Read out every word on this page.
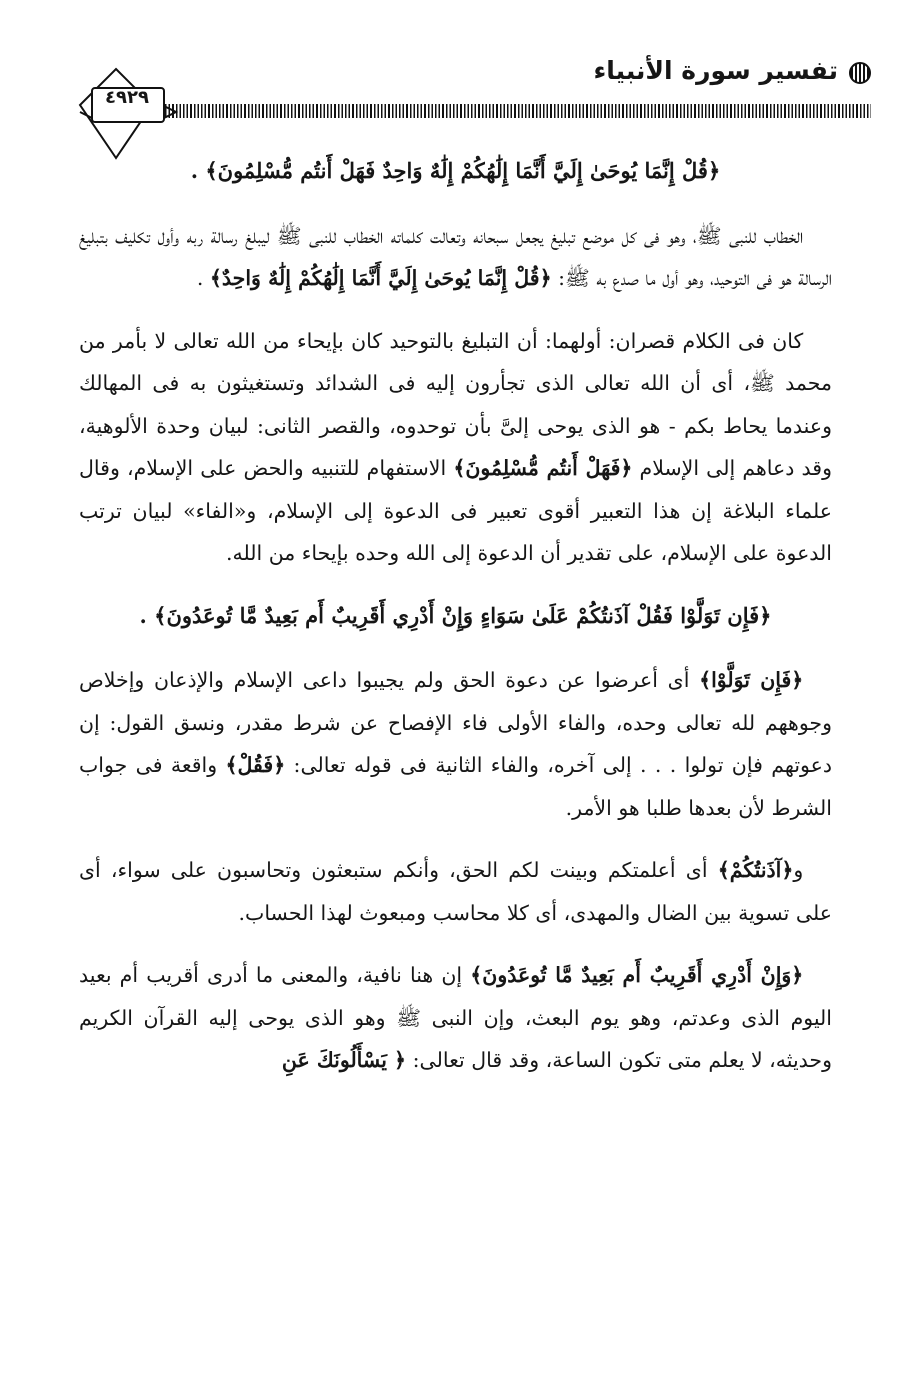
تفسير سورة الأنبياء
٤٩٢٩

﴿قُلْ إِنَّمَا يُوحَىٰ إِلَيَّ أَنَّمَا إِلَٰهُكُمْ إِلَٰهٌ وَاحِدٌ فَهَلْ أَنتُم مُّسْلِمُونَ﴾ .

الخطاب للنبى ﷺ، وهو فى كل موضع تبليغ يجعل سبحانه وتعالت كلماته الخطاب للنبى ﷺ ليبلغ رسالة ربه وأول تكليف بتبليغ الرسالة هو فى التوحيد، وهو أول ما صدع به ﷺ: ﴿قُلْ إِنَّمَا يُوحَىٰ إِلَيَّ أَنَّمَا إِلَٰهُكُمْ إِلَٰهٌ وَاحِدٌ﴾ .

كان فى الكلام قصران: أولهما: أن التبليغ بالتوحيد كان بإيحاء من الله تعالى لا بأمر من محمد ﷺ، أى أن الله تعالى الذى تجأرون إليه فى الشدائد وتستغيثون به فى المهالك وعندما يحاط بكم - هو الذى يوحى إلىَّ بأن توحدوه، والقصر الثانى: لبيان وحدة الألوهية، وقد دعاهم إلى الإسلام ﴿فَهَلْ أَنتُم مُّسْلِمُونَ﴾ الاستفهام للتنبيه والحض على الإسلام، وقال علماء البلاغة إن هذا التعبير أقوى تعبير فى الدعوة إلى الإسلام، و«الفاء» لبيان ترتب الدعوة على الإسلام، على تقدير أن الدعوة إلى الله وحده بإيحاء من الله.

﴿فَإِن تَوَلَّوْا فَقُلْ آذَنتُكُمْ عَلَىٰ سَوَاءٍ وَإِنْ أَدْرِي أَقَرِيبٌ أَم بَعِيدٌ مَّا تُوعَدُونَ﴾ .

﴿فَإِن تَوَلَّوْا﴾ أى أعرضوا عن دعوة الحق ولم يجيبوا داعى الإسلام والإذعان وإخلاص وجوههم لله تعالى وحده، والفاء الأولى فاء الإفصاح عن شرط مقدر، ونسق القول: إن دعوتهم فإن تولوا . . . إلى آخره، والفاء الثانية فى قوله تعالى: ﴿فَقُلْ﴾ واقعة فى جواب الشرط لأن بعدها طلبا هو الأمر.

و﴿آذَنتُكُمْ﴾ أى أعلمتكم وبينت لكم الحق، وأنكم ستبعثون وتحاسبون على سواء، أى على تسوية بين الضال والمهدى، أى كلا محاسب ومبعوث لهذا الحساب.

﴿وَإِنْ أَدْرِي أَقَرِيبٌ أَم بَعِيدٌ مَّا تُوعَدُونَ﴾ إن هنا نافية، والمعنى ما أدرى أقريب أم بعيد اليوم الذى وعدتم، وهو يوم البعث، وإن النبى ﷺ وهو الذى يوحى إليه القرآن الكريم وحديثه، لا يعلم متى تكون الساعة، وقد قال تعالى: ﴿ يَسْأَلُونَكَ عَنِ
